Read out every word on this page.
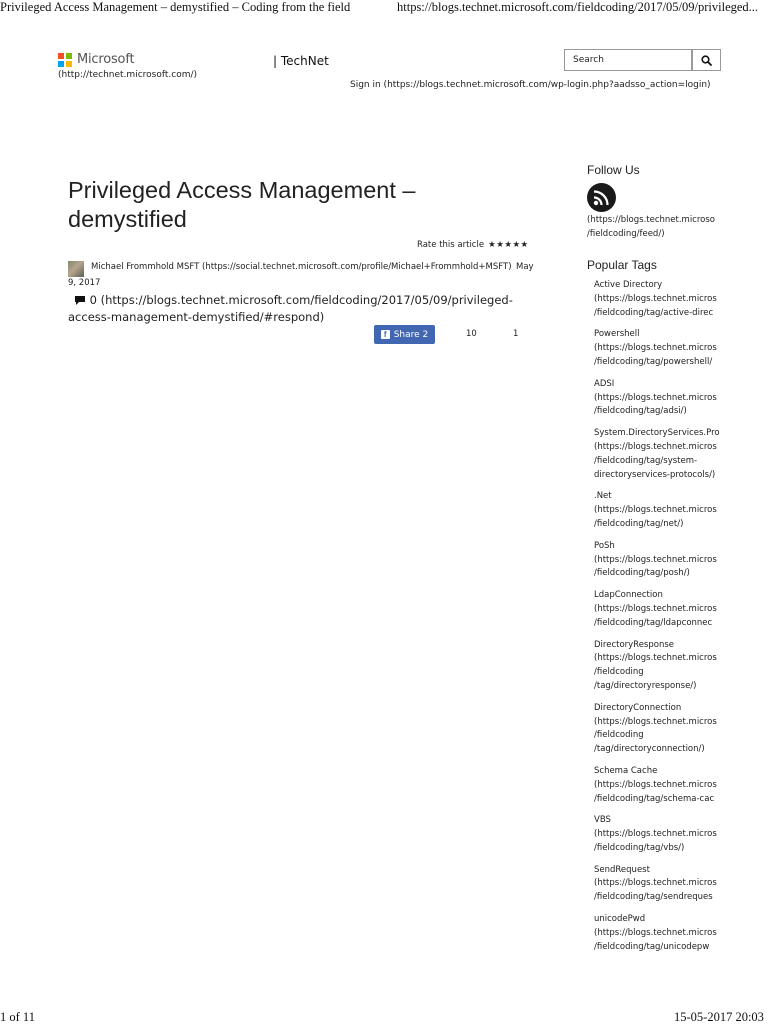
Privileged Access Management – demystified – Coding from the field	https://blogs.technet.microsoft.com/fieldcoding/2017/05/09/privileged...
Microsoft
(http://technet.microsoft.com/)
| TechNet	Search
Sign in (https://blogs.technet.microsoft.com/wp-login.php?aadsso_action=login)
Privileged Access Management – demystified
Rate this article ★★★★★
Michael Frommhold MSFT (https://social.technet.microsoft.com/profile/Michael+Frommhold+MSFT) May
9, 2017
0 (https://blogs.technet.microsoft.com/fieldcoding/2017/05/09/privileged-access-management-demystified/#respond)
f Share 2	10	1
Follow Us
(https://blogs.technet.microso
/fieldcoding/feed/)
Popular Tags
Active Directory
(https://blogs.technet.micros
/fieldcoding/tag/active-direc
Powershell
(https://blogs.technet.micros
/fieldcoding/tag/powershell/
ADSI
(https://blogs.technet.micros
/fieldcoding/tag/adsi/)
System.DirectoryServices.Pro
(https://blogs.technet.micros
/fieldcoding/tag/system-
directoryservices-protocols/)
.Net
(https://blogs.technet.micros
/fieldcoding/tag/net/)
PoSh
(https://blogs.technet.micros
/fieldcoding/tag/posh/)
LdapConnection
(https://blogs.technet.micros
/fieldcoding/tag/ldapconnec
DirectoryResponse
(https://blogs.technet.micros
/fieldcoding
/tag/directoryresponse/)
DirectoryConnection
(https://blogs.technet.micros
/fieldcoding
/tag/directoryconnection/)
Schema Cache
(https://blogs.technet.micros
/fieldcoding/tag/schema-cac
VBS
(https://blogs.technet.micros
/fieldcoding/tag/vbs/)
SendRequest
(https://blogs.technet.micros
/fieldcoding/tag/sendreques
unicodePwd
(https://blogs.technet.micros
/fieldcoding/tag/unicodepw
1 of 11	15-05-2017 20:03
